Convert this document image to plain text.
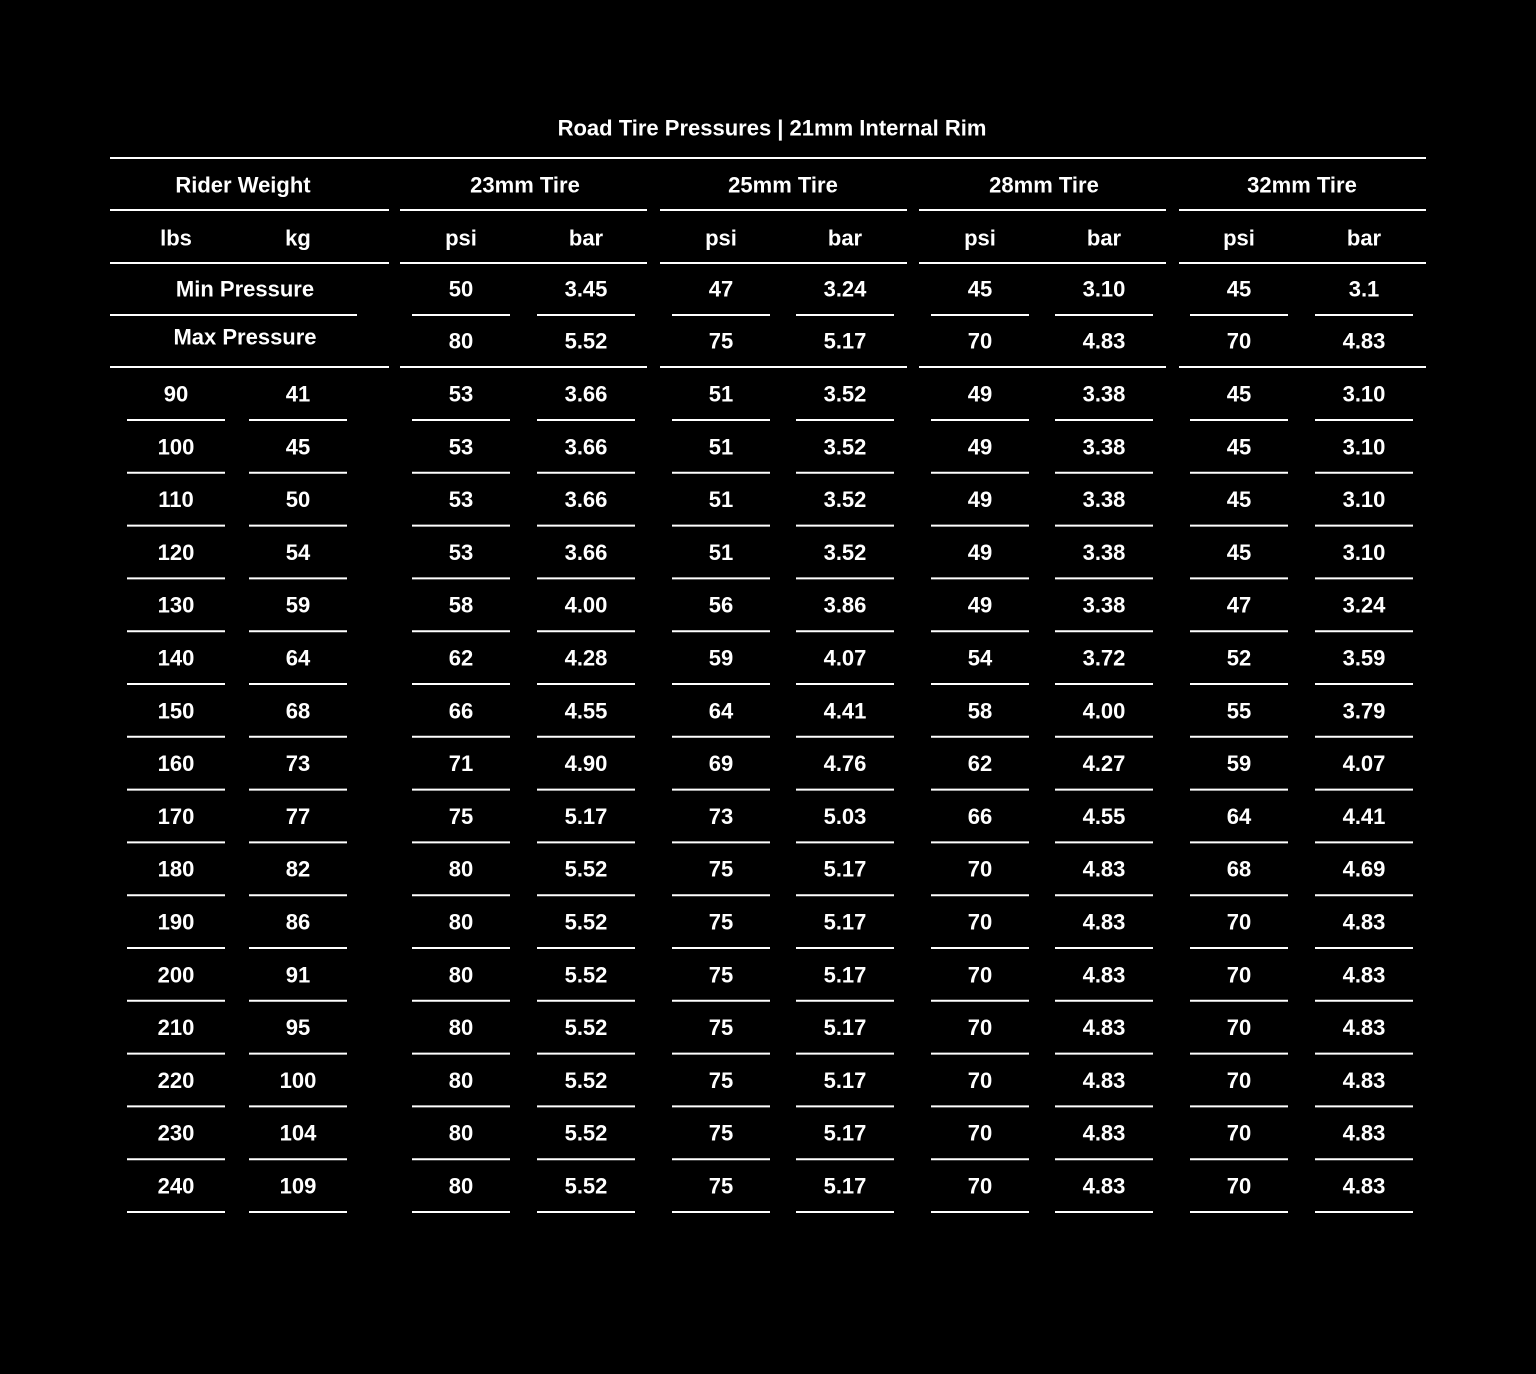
Road Tire Pressures | 21mm Internal Rim
Rider Weight	23mm Tire	25mm Tire	28mm Tire	32mm Tire
lbs	kg	psi	bar	psi	bar	psi	bar	psi	bar
Min Pressure	50	3.45	47	3.24	45	3.10	45	3.1
Max Pressure	80	5.52	75	5.17	70	4.83	70	4.83
90	41	53	3.66	51	3.52	49	3.38	45	3.10
100	45	53	3.66	51	3.52	49	3.38	45	3.10
110	50	53	3.66	51	3.52	49	3.38	45	3.10
120	54	53	3.66	51	3.52	49	3.38	45	3.10
130	59	58	4.00	56	3.86	49	3.38	47	3.24
140	64	62	4.28	59	4.07	54	3.72	52	3.59
150	68	66	4.55	64	4.41	58	4.00	55	3.79
160	73	71	4.90	69	4.76	62	4.27	59	4.07
170	77	75	5.17	73	5.03	66	4.55	64	4.41
180	82	80	5.52	75	5.17	70	4.83	68	4.69
190	86	80	5.52	75	5.17	70	4.83	70	4.83
200	91	80	5.52	75	5.17	70	4.83	70	4.83
210	95	80	5.52	75	5.17	70	4.83	70	4.83
220	100	80	5.52	75	5.17	70	4.83	70	4.83
230	104	80	5.52	75	5.17	70	4.83	70	4.83
240	109	80	5.52	75	5.17	70	4.83	70	4.83
